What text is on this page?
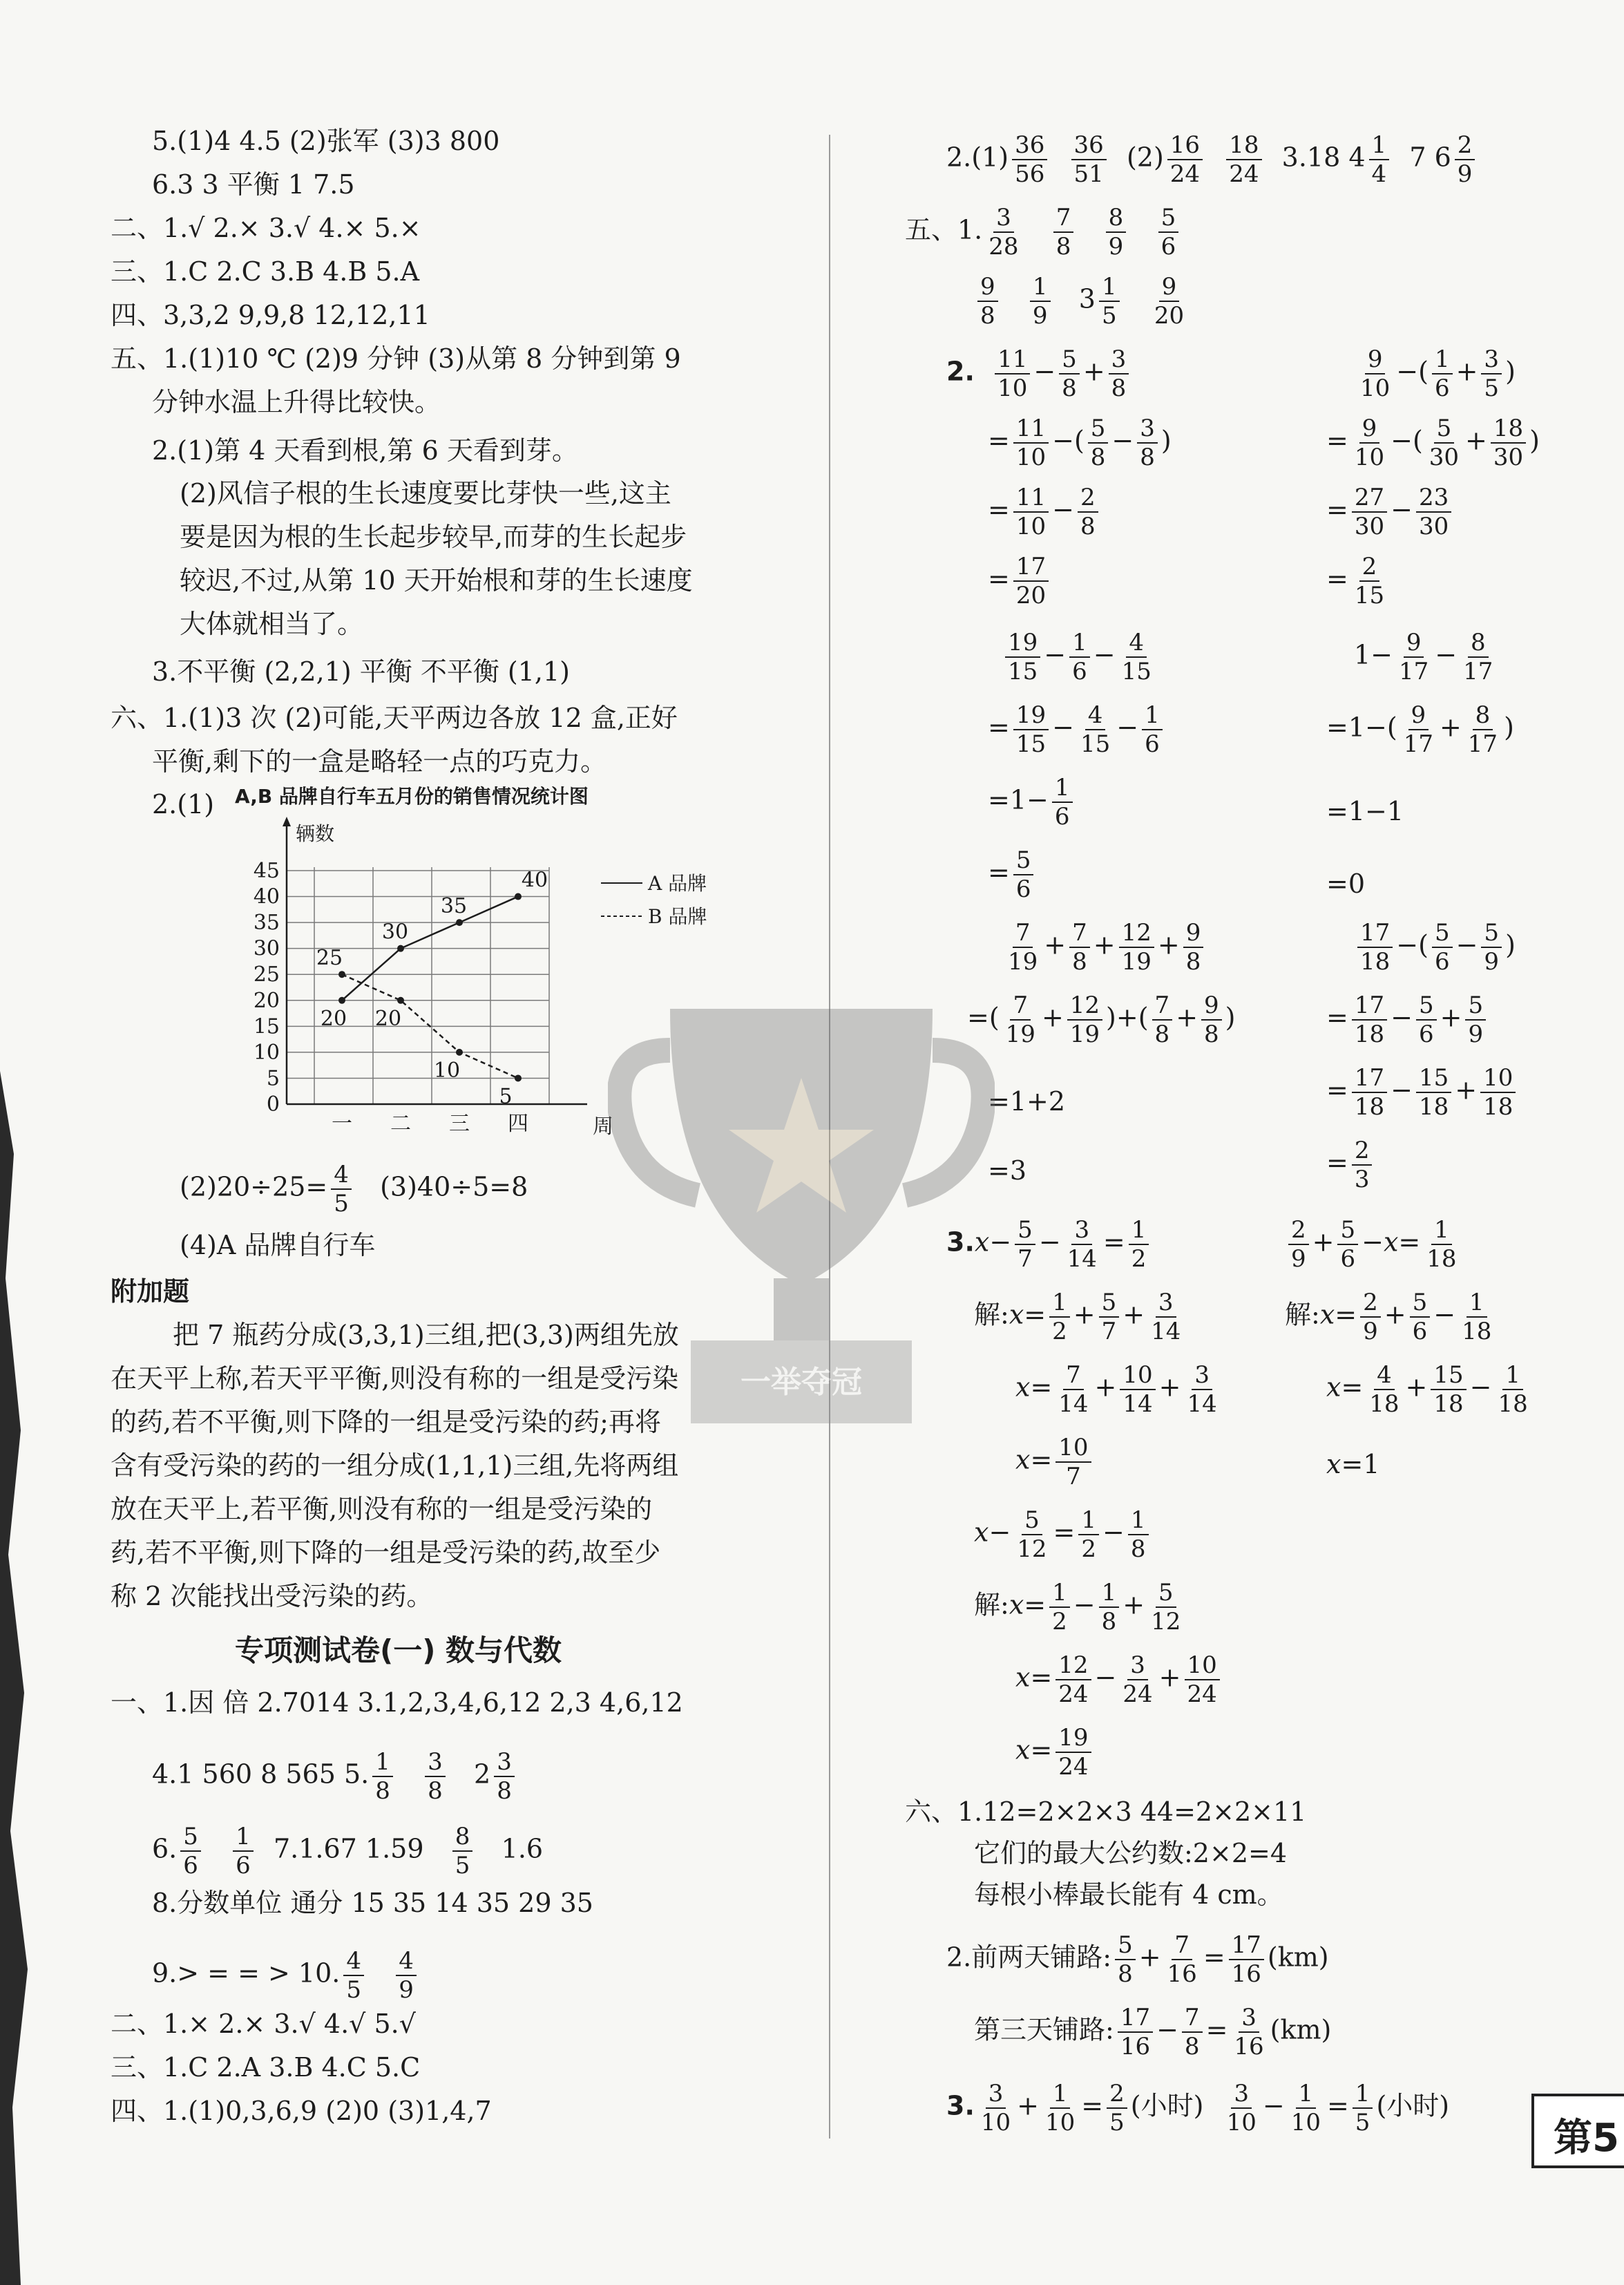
5.(1)4 4.5 (2)张军 (3)3 800
6.3 3 平衡 1 7.5
二、1.√ 2.× 3.√ 4.× 5.×
三、1.C 2.C 3.B 4.B 5.A
四、3,3,2 9,9,8 12,12,11
五、1.(1)10 ℃ (2)9 分钟 (3)从第 8 分钟到第 9
分钟水温上升得比较快。
2.(1)第 4 天看到根,第 6 天看到芽。
(2)风信子根的生长速度要比芽快一些,这主
要是因为根的生长起步较早,而芽的生长起步
较迟,不过,从第 10 天开始根和芽的生长速度
大体就相当了。
3.不平衡 (2,2,1) 平衡 不平衡 (1,1)
六、1.(1)3 次 (2)可能,天平两边各放 12 盒,正好
平衡,剩下的一盒是略轻一点的巧克力。
2.(1) A,B 品牌自行车五月份的销售情况统计图
辆数
0
5
10
15
20
25
30
35
40
45
一 二 三 四
20
30
35
40
25
20
10
5
周
A 品牌
B 品牌
$(2)20\div 25= \frac{4}{5} (3)40\div 5=8$
(4)A 品牌自行车
附加题
把 7 瓶药分成(3,3,1)三组,把(3,3)两组先放
在天平上称,若天平平衡,则没有称的一组是受污染
的药,若不平衡,则下降的一组是受污染的药;再将
含有受污染的药的一组分成(1,1,1)三组,先将两组
放在天平上,若平衡,则没有称的一组是受污染的
药,若不平衡,则下降的一组是受污染的药,故至少
称 2 次能找出受污染的药。
专项测试卷(一) 数与代数
一、1.因 倍 2.7014 3.1,2,3,4,6,12 2,3 4,6,12
4.1 560 8 565 5. $\frac{1}{8}$
$\frac{3}{8} 2 \frac{3}{8}$
6. $\frac{5}{6}$
$\frac{1}{6} 7.1.67$ $1.59 \frac{8}{5} 1.6$
8.分数单位 通分 15 35 14 35 29 35
9.> = = > 10. $\frac{4}{5}$
$\frac{4}{9}$
二、1.× 2.× 3.√ 4.√ 5.√
三、1.C 2.A 3.B 4.C 5.C
四、1.(1)0,3,6,9 (2)0 (3)1,4,7
$2.(1) \frac{36}{56}$
$\frac{36}{51} (2) \frac{16}{24}$
$\frac{18}{24} 3.18$ $4 \frac{1}{4} 7$ $6 \frac{2}{9}$
五、1. $\frac{3}{28}$
$\frac{7}{8}$
$\frac{8}{9}$
$\frac{5}{6}$
$\frac{9}{8}$
$\frac{1}{9} 3 \frac{1}{5}$
$\frac{9}{20}$
2. $\frac{11}{10} - \frac{5}{8} + \frac{3}{8}$
= $\frac{11}{10}$ −( $\frac{5}{8} - \frac{3}{8}$ )
= $\frac{11}{10} - \frac{2}{8}$
= $\frac{17}{20}$
$\frac{19}{15} - \frac{1}{6} - \frac{4}{15}$
= $\frac{19}{15} - \frac{4}{15} - \frac{1}{6}$
$=1- \frac{1}{6}$
= $\frac{5}{6}$
$\frac{7}{19} + \frac{7}{8} + \frac{12}{19} + \frac{9}{8}$
=( $\frac{7}{19} + \frac{12}{19}$ )+( $\frac{7}{8} + \frac{9}{8}$ )
=1+2
=3
$\frac{9}{10}$ −( $\frac{1}{6} + \frac{3}{5}$ )
= $\frac{9}{10}$ −( $\frac{5}{30} + \frac{18}{30}$ )
= $\frac{27}{30} - \frac{23}{30}$
= $\frac{2}{15}$
$1- \frac{9}{17} - \frac{8}{17}$
$=1-( \frac{9}{17} + \frac{8}{17}$ )
=1−1
=0
$\frac{17}{18}$ −( $\frac{5}{6} - \frac{5}{9}$ )
= $\frac{17}{18} - \frac{5}{6} + \frac{5}{9}$
= $\frac{17}{18} - \frac{15}{18} + \frac{10}{18}$
= $\frac{2}{3}$
$3.x- \frac{5}{7} - \frac{3}{14} = \frac{1}{2}$
解:x= $\frac{1}{2} + \frac{5}{7} + \frac{3}{14}$
$x= \frac{7}{14} + \frac{10}{14} + \frac{3}{14}$
$x= \frac{10}{7}$
$x- \frac{5}{12} = \frac{1}{2} - \frac{1}{8}$
解:x= $\frac{1}{2} - \frac{1}{8} + \frac{5}{12}$
$x= \frac{12}{24} - \frac{3}{24} + \frac{10}{24}$
$x= \frac{19}{24}$
$\frac{2}{9} + \frac{5}{6} -x= \frac{1}{18}$
解:x= $\frac{2}{9} + \frac{5}{6} - \frac{1}{18}$
$x= \frac{4}{18} + \frac{15}{18} - \frac{1}{18}$
x=1
六、1.12=2×2×3 44=2×2×11
它们的最大公约数:2×2=4
每根小棒最长能有 4 cm。
2.前两天铺路: $\frac{5}{8} + \frac{7}{16} = \frac{17}{16} (km)$
第三天铺路: $\frac{17}{16} - \frac{7}{8} = \frac{3}{16} (km)$
3. $\frac{3}{10} + \frac{1}{10} = \frac{2}{5}$ (小时) $\frac{3}{10} - \frac{1}{10} = \frac{1}{5}$ (小时)
一举夺冠
第5
